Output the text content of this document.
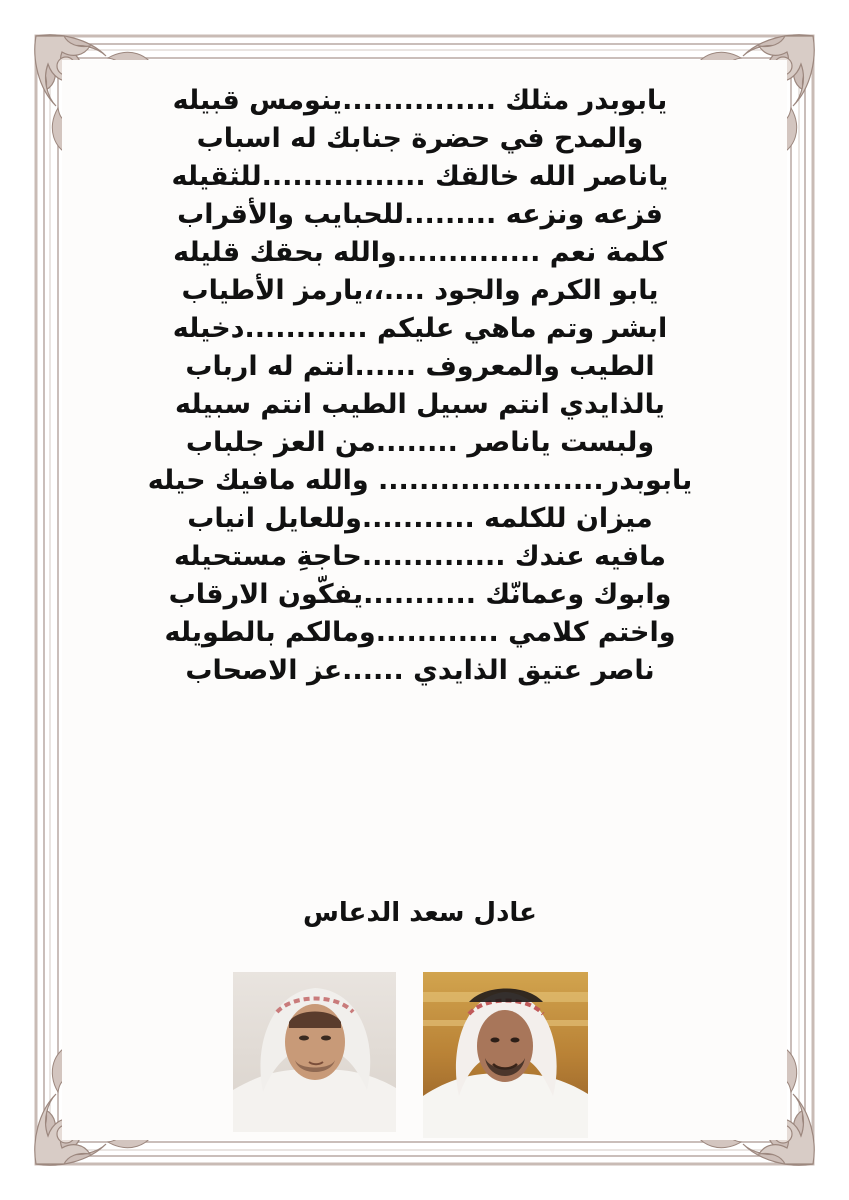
يابوبدر مثلك ...............ينومس قبيله
والمدح في حضرة جنابك له اسباب
ياناصر الله خالقك ................للثقيله
فزعه ونزعه .........للحبايب والأقراب
كلمة نعم ..............والله بحقك قليله
يابو الكرم والجود ....،،يارمز الأطياب
ابشر وتم ماهي عليكم ............دخيله
الطيب والمعروف ......انتم له ارباب
يالذايدي انتم سبيل الطيب انتم سبيله
ولبست ياناصر ........من العز جلباب
يابوبدر...................... والله مافيك حيله
ميزان للكلمه ...........وللعايل انياب
مافيه عندك ..............حاجةِ مستحيله
وابوك وعمانّك ...........يفكّون الارقاب
واختم كلامي ............ومالكم بالطويله
ناصر عتيق الذايدي ......عز الاصحاب
عادل سعد الدعاس
